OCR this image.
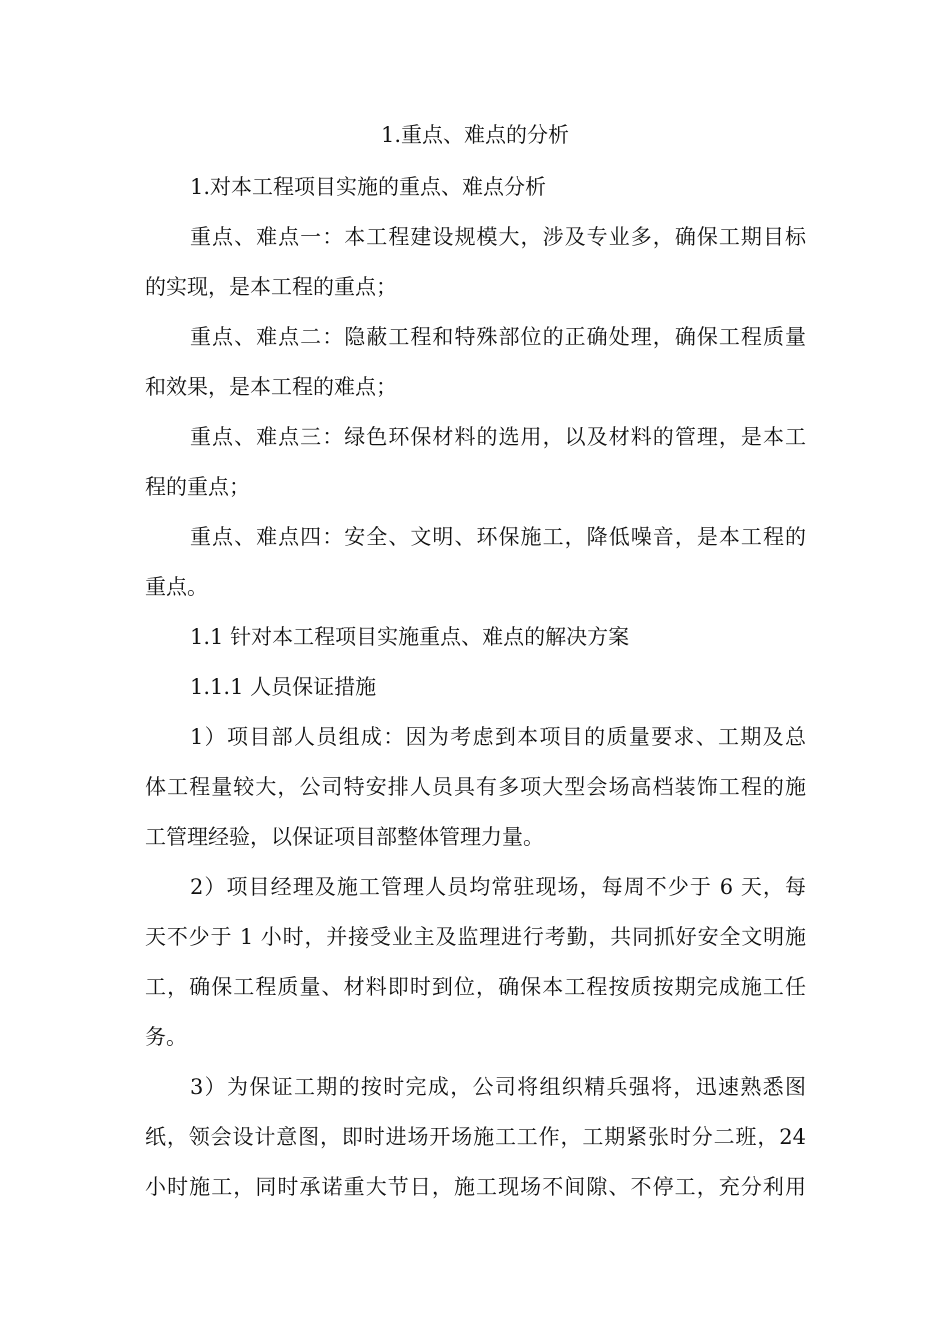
1.重点、难点的分析
1.对本工程项目实施的重点、难点分析
重点、难点一：本工程建设规模大，涉及专业多，确保工期目标
的实现，是本工程的重点；
重点、难点二：隐蔽工程和特殊部位的正确处理，确保工程质量
和效果，是本工程的难点；
重点、难点三：绿色环保材料的选用，以及材料的管理，是本工
程的重点；
重点、难点四：安全、文明、环保施工，降低噪音，是本工程的
重点。
1.1 针对本工程项目实施重点、难点的解决方案
1.1.1 人员保证措施
1）项目部人员组成：因为考虑到本项目的质量要求、工期及总
体工程量较大，公司特安排人员具有多项大型会场高档装饰工程的施
工管理经验，以保证项目部整体管理力量。
2）项目经理及施工管理人员均常驻现场，每周不少于 6 天，每
天不少于 1 小时，并接受业主及监理进行考勤，共同抓好安全文明施
工，确保工程质量、材料即时到位，确保本工程按质按期完成施工任
务。
3）为保证工期的按时完成，公司将组织精兵强将，迅速熟悉图
纸，领会设计意图，即时进场开场施工工作，工期紧张时分二班，24
小时施工，同时承诺重大节日，施工现场不间隙、不停工，充分利用
